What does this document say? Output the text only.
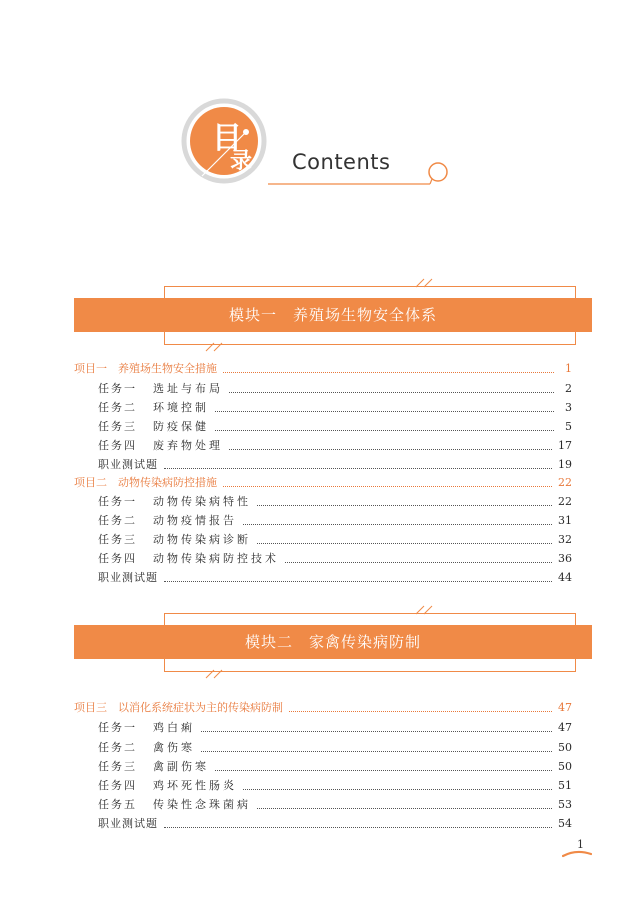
目
录 Contents
模块一　养殖场生物安全体系
项目一　养殖场生物安全措施	1
任务一 选址与布局	2
任务二 环境控制	3
任务三 防疫保健	5
任务四 废弃物处理	17
职业测试题	19
项目二　动物传染病防控措施	22
任务一 动物传染病特性	22
任务二 动物疫情报告	31
任务三 动物传染病诊断	32
任务四 动物传染病防控技术	36
职业测试题	44
模块二　家禽传染病防制
项目三　以消化系统症状为主的传染病防制	47
任务一 鸡白痢	47
任务二 禽伤寒	50
任务三 禽副伤寒	50
任务四 鸡坏死性肠炎	51
任务五 传染性念珠菌病	53
职业测试题	54
1
